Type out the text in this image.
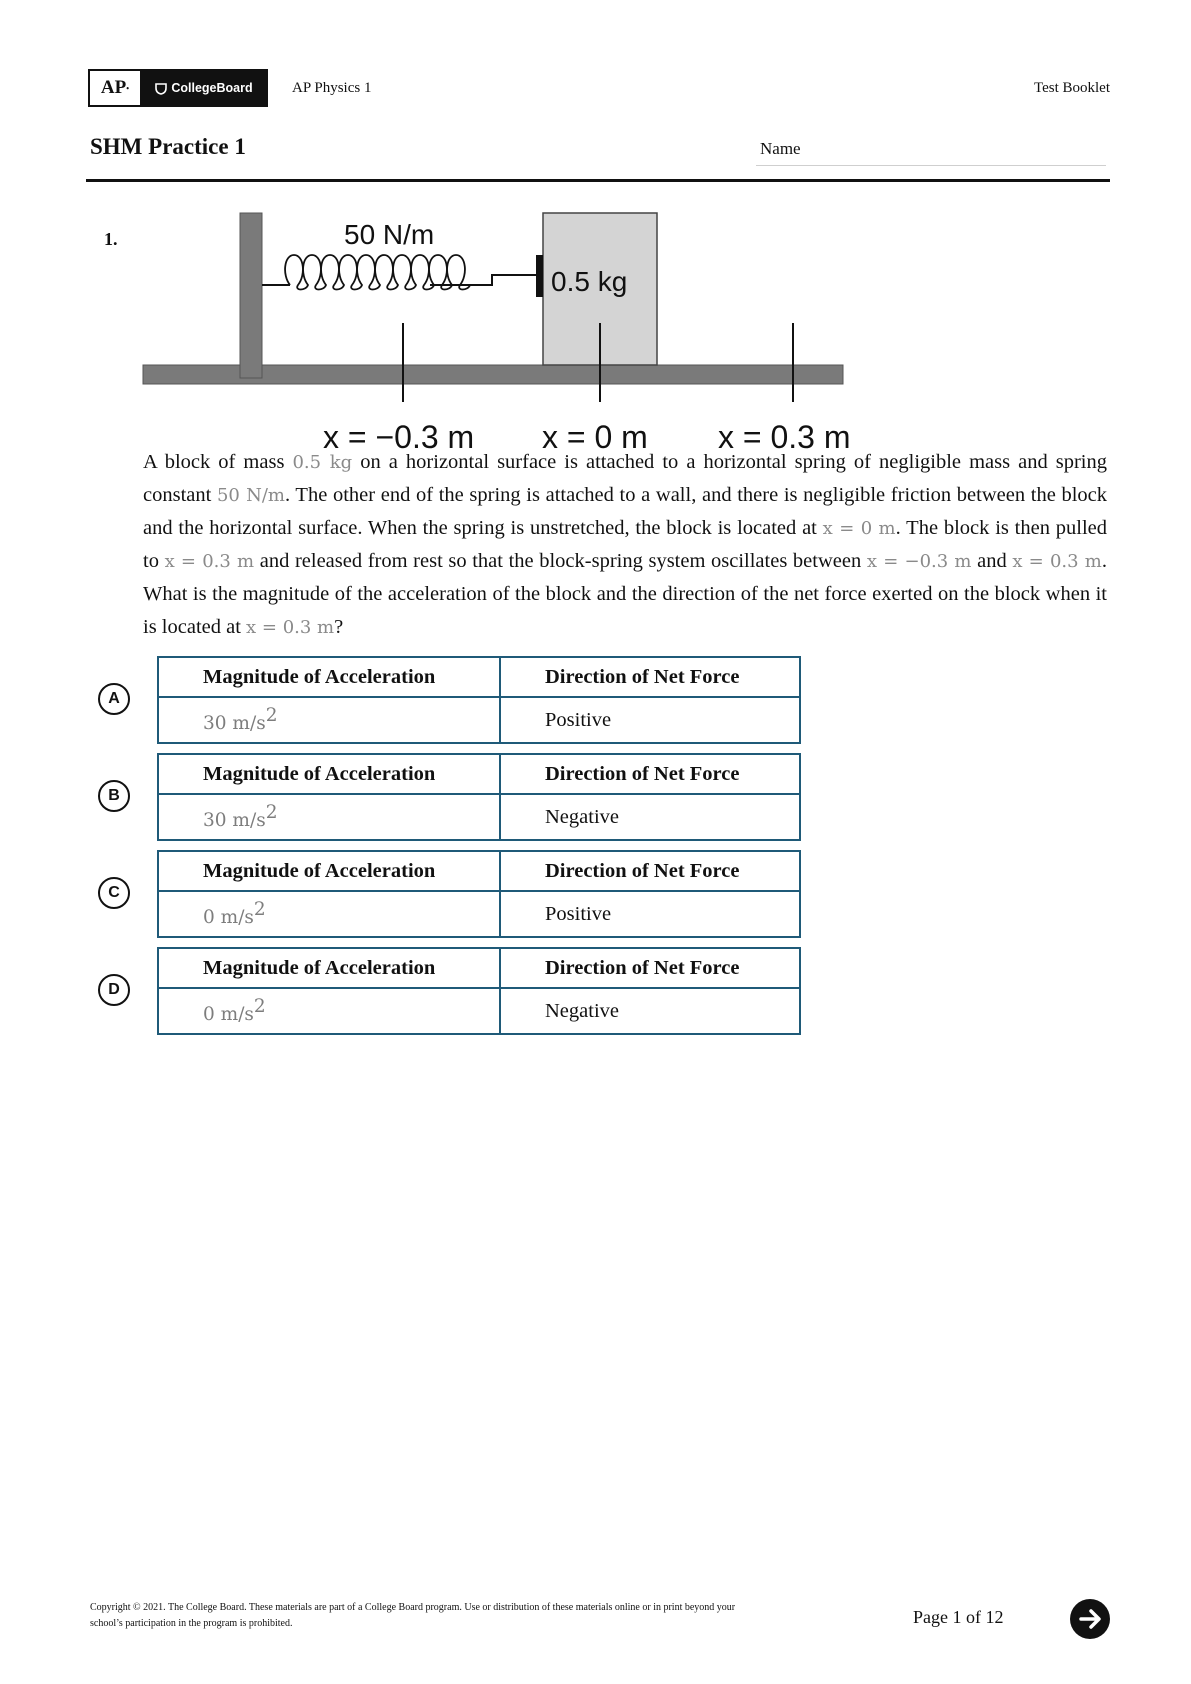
AP •	CollegeBoard	AP Physics 1	Test Booklet
SHM Practice 1	Name
1.	50 N/m
0.5 kg
x = −0.3 m x = 0 m x = 0.3 m
A block of mass 0.5 kg on a horizontal surface is attached to a horizontal spring of negligible mass and spring constant 50 N/m. The other end of the spring is attached to a wall, and there is negligible friction between the block and the horizontal surface. When the spring is unstretched, the block is located at x = 0 m. The block is then pulled to x = 0.3 m and released from rest so that the block-spring system oscillates between x = −0.3 m and x = 0.3 m. What is the magnitude of the acceleration of the block and the direction of the net force exerted on the block when it is located at x = 0.3 m?
A
Magnitude of Acceleration	Direction of Net Force
30 $m/s^2$	Positive
B
Magnitude of Acceleration	Direction of Net Force
30 $m/s^2$	Negative
C
Magnitude of Acceleration	Direction of Net Force
0 $m/s^2$	Positive
D
Magnitude of Acceleration	Direction of Net Force
0 $m/s^2$	Negative
Copyright © 2021. The College Board. These materials are part of a College Board program. Use or distribution of these materials online or in print beyond your
school’s participation in the program is prohibited.	Page 1 of 12
